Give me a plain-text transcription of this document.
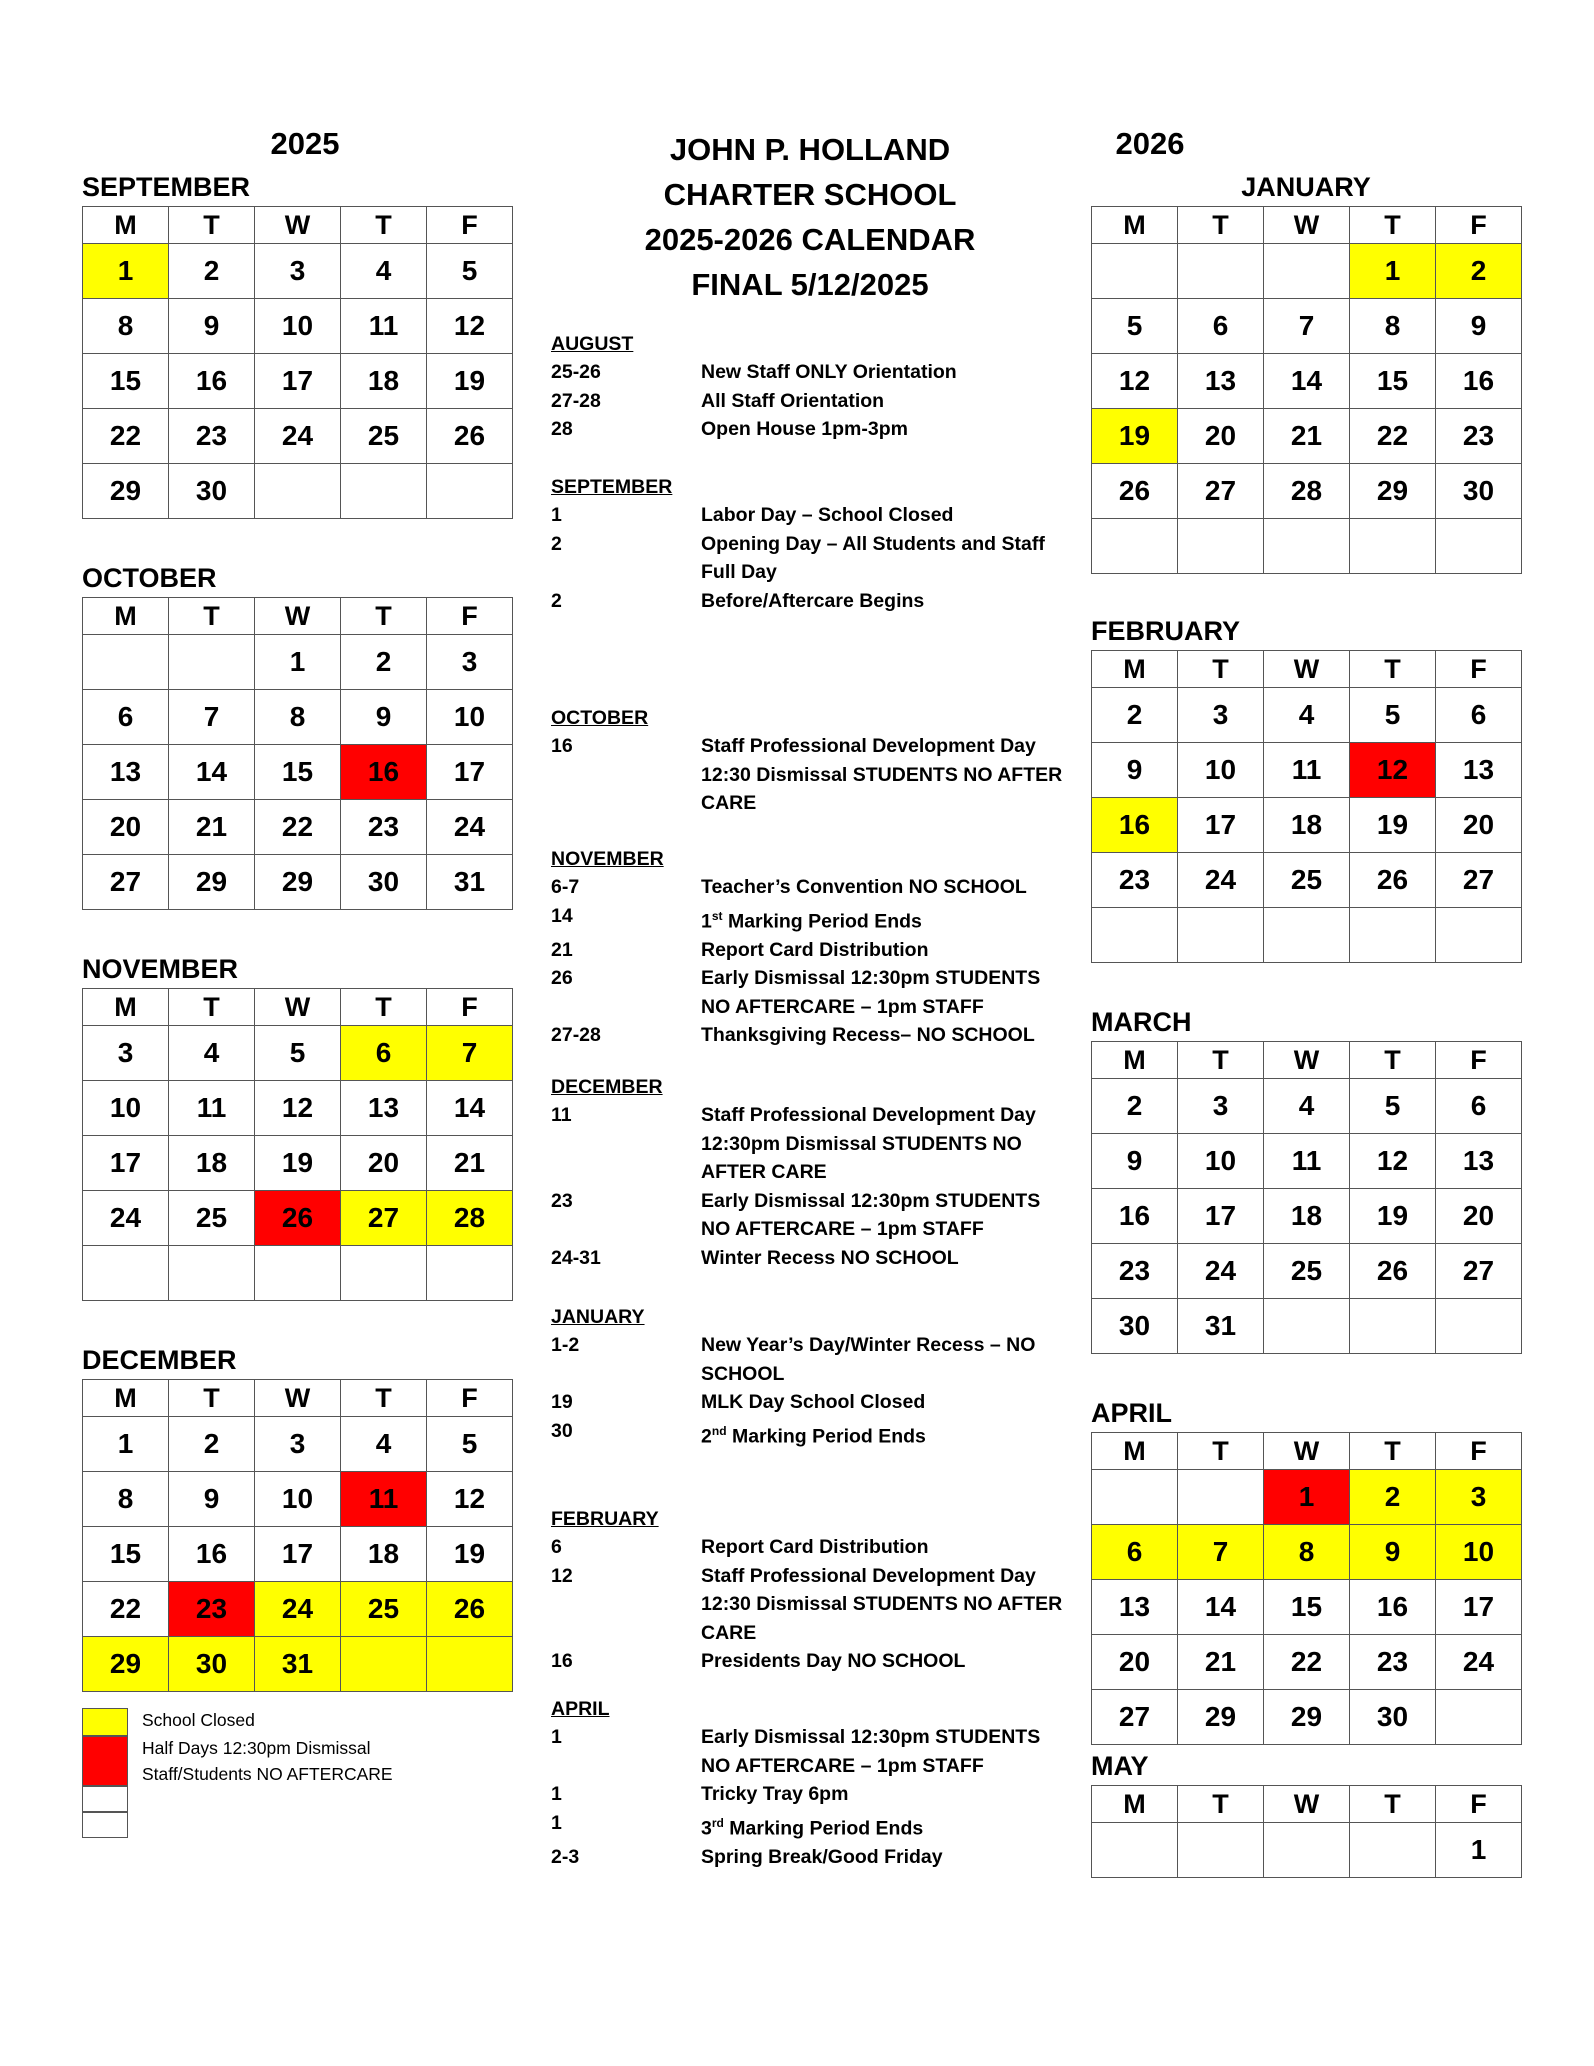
2025	2026
JOHN P. HOLLAND
CHARTER SCHOOL
2025-2026 CALENDAR
FINAL 5/12/2025
SEPTEMBER
M	T	W	T	F
1	2	3	4	5
8	9	10	11	12
15	16	17	18	19
22	23	24	25	26
29	30			
OCTOBER
M	T	W	T	F
		1	2	3
6	7	8	9	10
13	14	15	16	17
20	21	22	23	24
27	29	29	30	31
NOVEMBER
M	T	W	T	F
3	4	5	6	7
10	11	12	13	14
17	18	19	20	21
24	25	26	27	28

DECEMBER
M	T	W	T	F
1	2	3	4	5
8	9	10	11	12
15	16	17	18	19
22	23	24	25	26
29	30	31		
JANUARY
M	T	W	T	F
			1	2
5	6	7	8	9
12	13	14	15	16
19	20	21	22	23
26	27	28	29	30

FEBRUARY
M	T	W	T	F
2	3	4	5	6
9	10	11	12	13
16	17	18	19	20
23	24	25	26	27

MARCH
M	T	W	T	F
2	3	4	5	6
9	10	11	12	13
16	17	18	19	20
23	24	25	26	27
30	31			
APRIL
M	T	W	T	F
		1	2	3
6	7	8	9	10
13	14	15	16	17
20	21	22	23	24
27	29	29	30	
MAY
M	T	W	T	F
				1
AUGUST
25-26	New Staff ONLY Orientation
27-28	All Staff Orientation
28	Open House 1pm-3pm
SEPTEMBER
1	Labor Day – School Closed
2	Opening Day – All Students and Staff
Full Day
2	Before/Aftercare Begins
OCTOBER
16	Staff Professional Development Day
12:30 Dismissal STUDENTS NO AFTER
CARE
NOVEMBER
6-7	Teacher’s Convention NO SCHOOL
14	1st Marking Period Ends
21	Report Card Distribution
26	Early Dismissal 12:30pm STUDENTS
NO AFTERCARE – 1pm STAFF
27-28	Thanksgiving Recess– NO SCHOOL
DECEMBER
11	Staff Professional Development Day
12:30pm Dismissal STUDENTS NO
AFTER CARE
23	Early Dismissal 12:30pm STUDENTS
NO AFTERCARE – 1pm STAFF
24-31	Winter Recess NO SCHOOL
JANUARY
1-2	New Year’s Day/Winter Recess – NO
SCHOOL
19	MLK Day School Closed
30	2nd Marking Period Ends
FEBRUARY
6	Report Card Distribution
12	Staff Professional Development Day
12:30 Dismissal STUDENTS NO AFTER
CARE
16	Presidents Day NO SCHOOL
APRIL
1	Early Dismissal 12:30pm STUDENTS
NO AFTERCARE – 1pm STAFF
1	Tricky Tray 6pm
1	3rd Marking Period Ends
2-3	Spring Break/Good Friday
School Closed
Half Days 12:30pm Dismissal
Staff/Students NO AFTERCARE
